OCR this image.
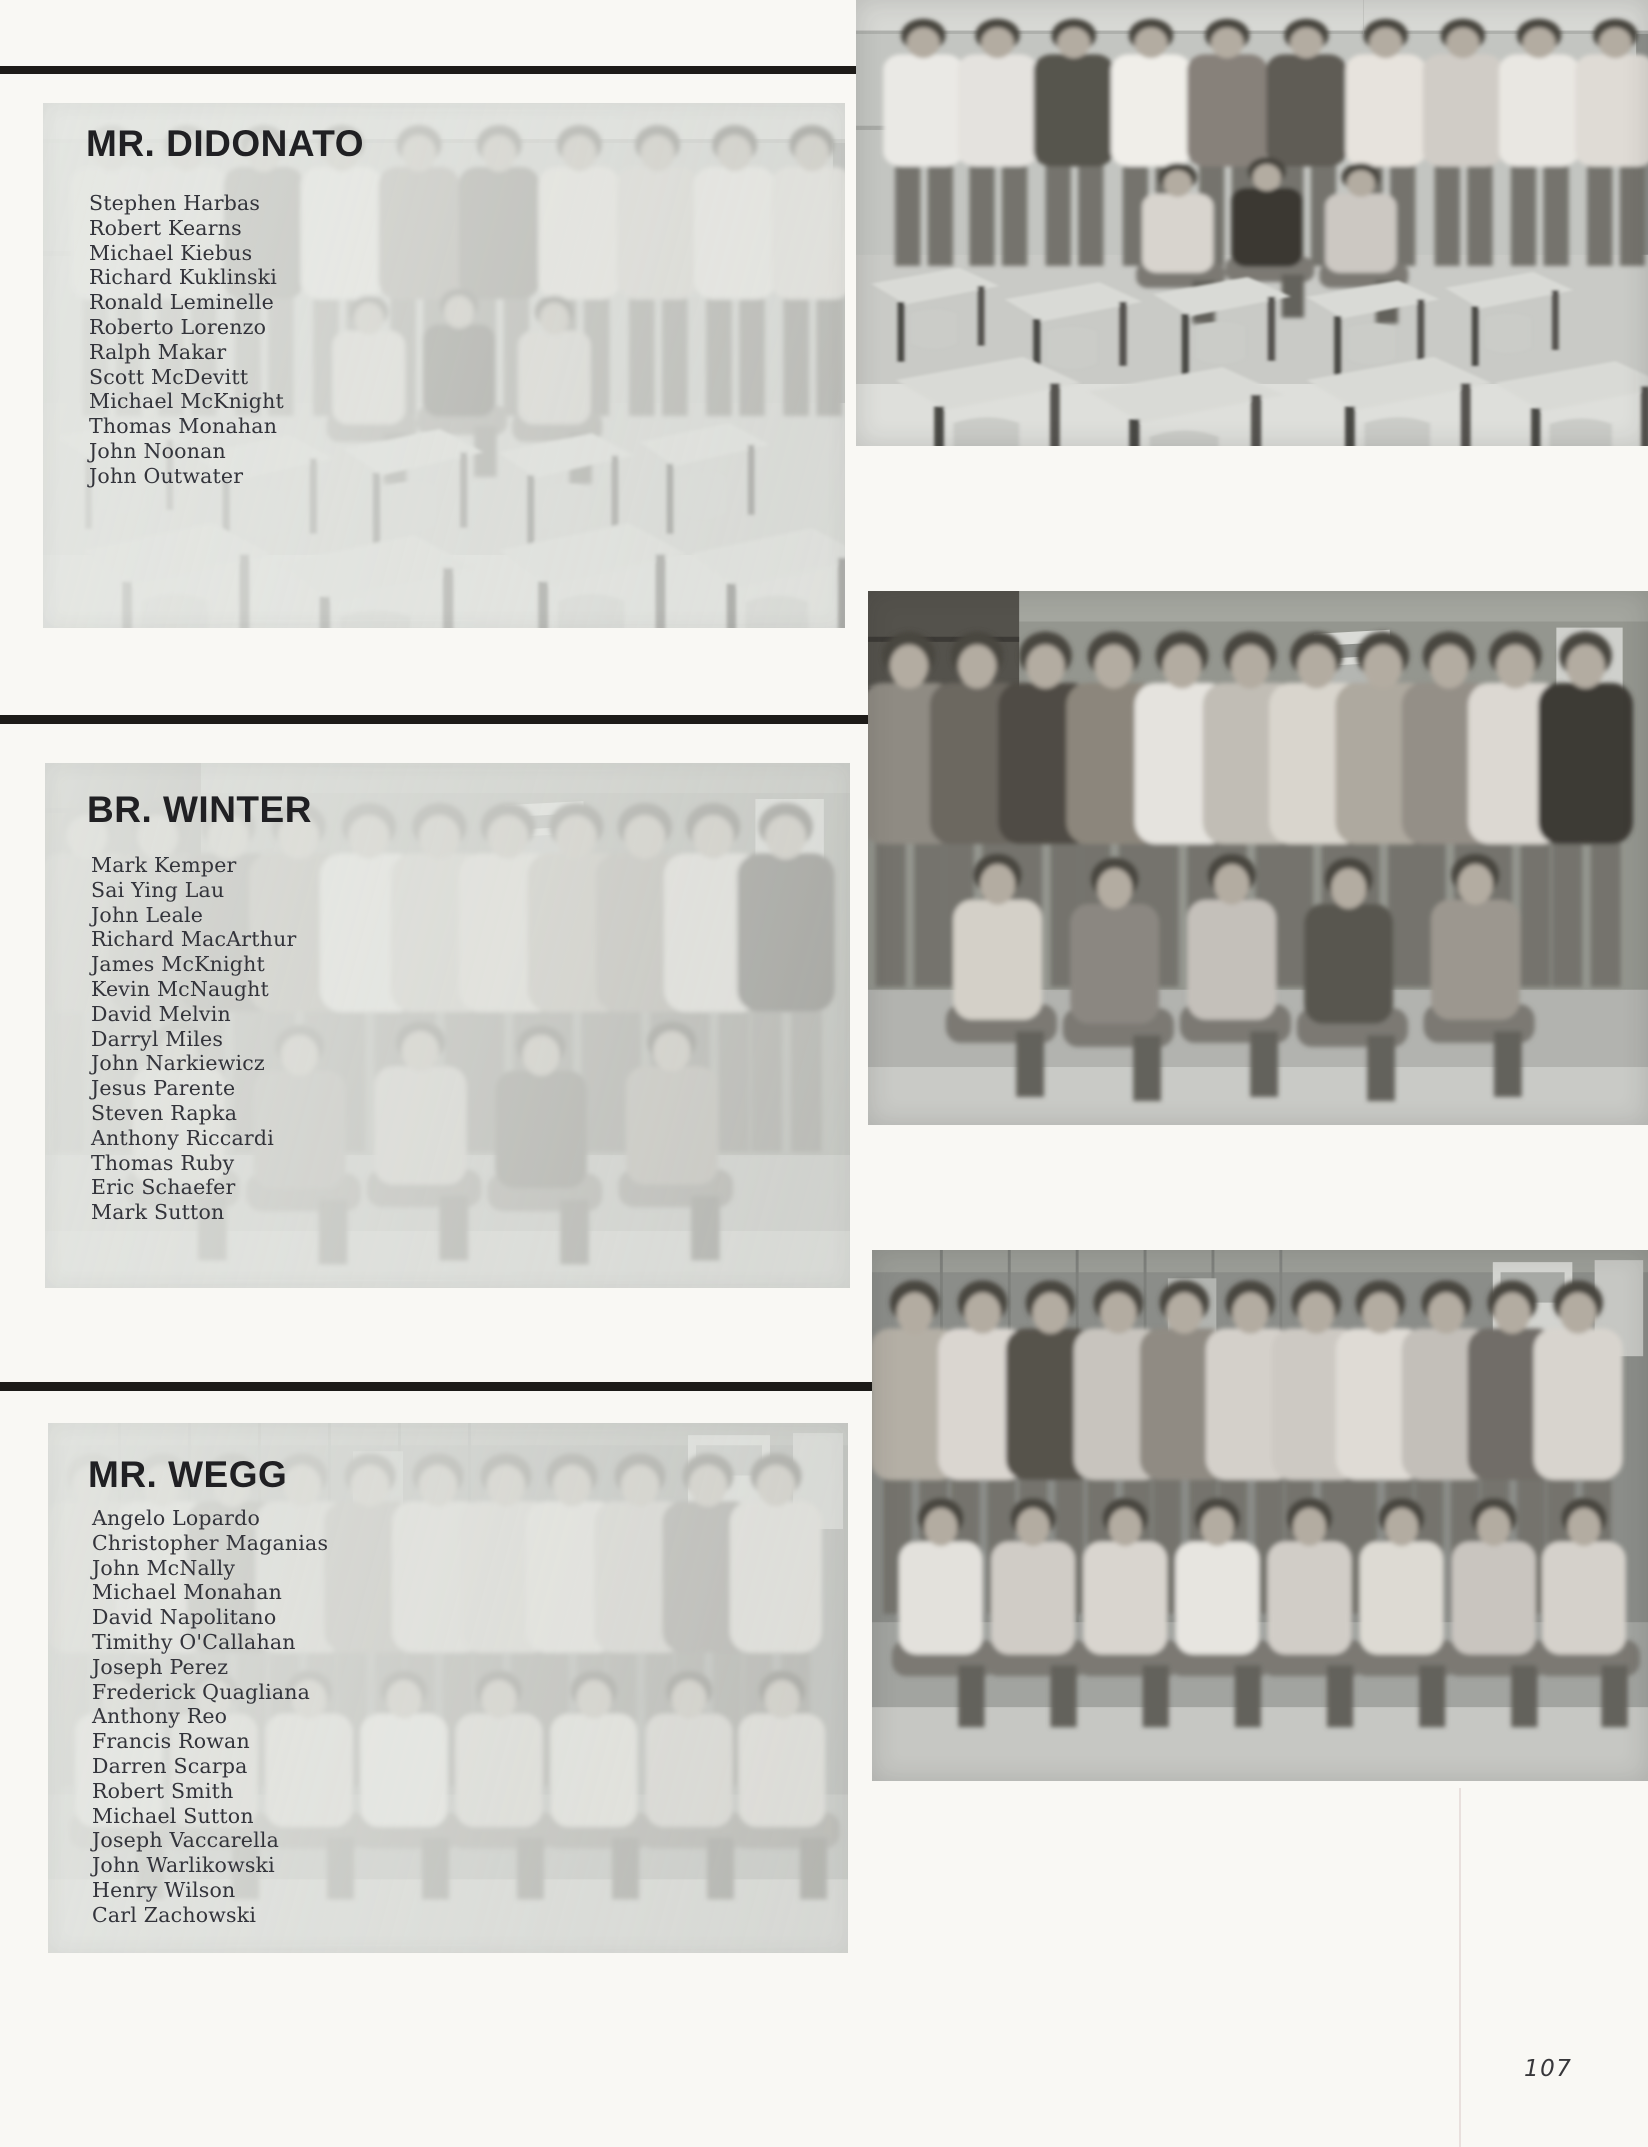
MR. DIDONATO
Stephen Harbas
Robert Kearns
Michael Kiebus
Richard Kuklinski
Ronald Leminelle
Roberto Lorenzo
Ralph Makar
Scott McDevitt
Michael McKnight
Thomas Monahan
John Noonan
John Outwater
BR. WINTER
Mark Kemper
Sai Ying Lau
John Leale
Richard MacArthur
James McKnight
Kevin McNaught
David Melvin
Darryl Miles
John Narkiewicz
Jesus Parente
Steven Rapka
Anthony Riccardi
Thomas Ruby
Eric Schaefer
Mark Sutton
MR. WEGG
Angelo Lopardo
Christopher Maganias
John McNally
Michael Monahan
David Napolitano
Timithy O'Callahan
Joseph Perez
Frederick Quagliana
Anthony Reo
Francis Rowan
Darren Scarpa
Robert Smith
Michael Sutton
Joseph Vaccarella
John Warlikowski
Henry Wilson
Carl Zachowski
107
